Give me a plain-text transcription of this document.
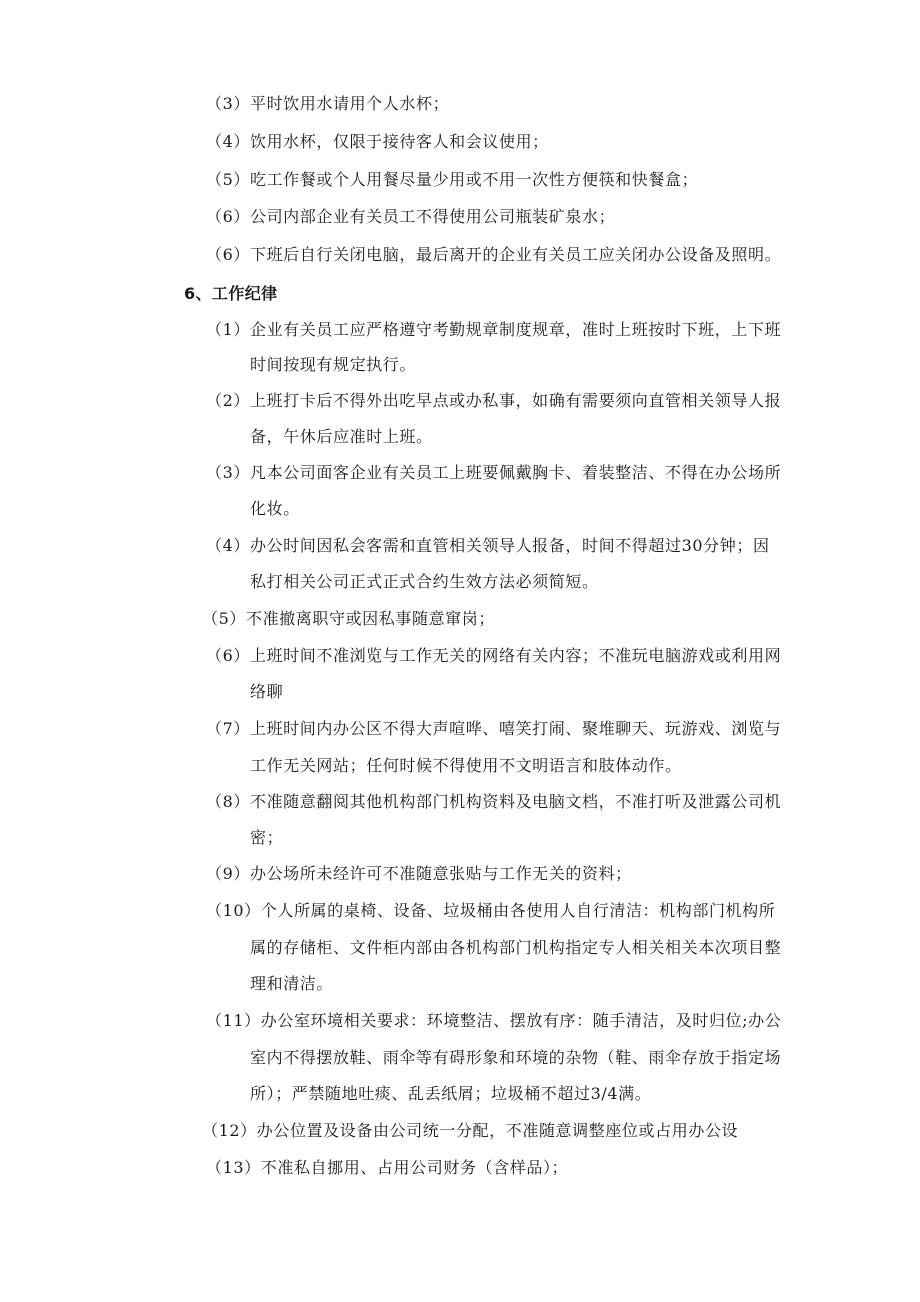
（3）平时饮用水请用个人水杯；
（4）饮用水杯，仅限于接待客人和会议使用；
（5）吃工作餐或个人用餐尽量少用或不用一次性方便筷和快餐盒；
（6）公司内部企业有关员工不得使用公司瓶装矿泉水；
（6）下班后自行关闭电脑，最后离开的企业有关员工应关闭办公设备及照明。
6、工作纪律
（1）企业有关员工应严格遵守考勤规章制度规章，准时上班按时下班，上下班
时间按现有规定执行。
（2）上班打卡后不得外出吃早点或办私事，如确有需要须向直管相关领导人报
备，午休后应准时上班。
（3）凡本公司面客企业有关员工上班要佩戴胸卡、着装整洁、不得在办公场所
化妆。
（4）办公时间因私会客需和直管相关领导人报备，时间不得超过30分钟；因
私打相关公司正式正式合约生效方法必须简短。
（5）不准撤离职守或因私事随意窜岗；
（6）上班时间不准浏览与工作无关的网络有关内容；不准玩电脑游戏或利用网
络聊
（7）上班时间内办公区不得大声喧哗、嘻笑打闹、聚堆聊天、玩游戏、浏览与
工作无关网站；任何时候不得使用不文明语言和肢体动作。
（8）不准随意翻阅其他机构部门机构资料及电脑文档，不准打听及泄露公司机
密；
（9）办公场所未经许可不准随意张贴与工作无关的资料；
（10）个人所属的桌椅、设备、垃圾桶由各使用人自行清洁：机构部门机构所
属的存储柜、文件柜内部由各机构部门机构指定专人相关相关本次项目整
理和清洁。
（11）办公室环境相关要求：环境整洁、摆放有序：随手清洁，及时归位;办公
室内不得摆放鞋、雨伞等有碍形象和环境的杂物（鞋、雨伞存放于指定场
所）；严禁随地吐痰、乱丢纸屑；垃圾桶不超过3/4满。
（12）办公位置及设备由公司统一分配，不准随意调整座位或占用办公设
（13）不准私自挪用、占用公司财务（含样品）；
